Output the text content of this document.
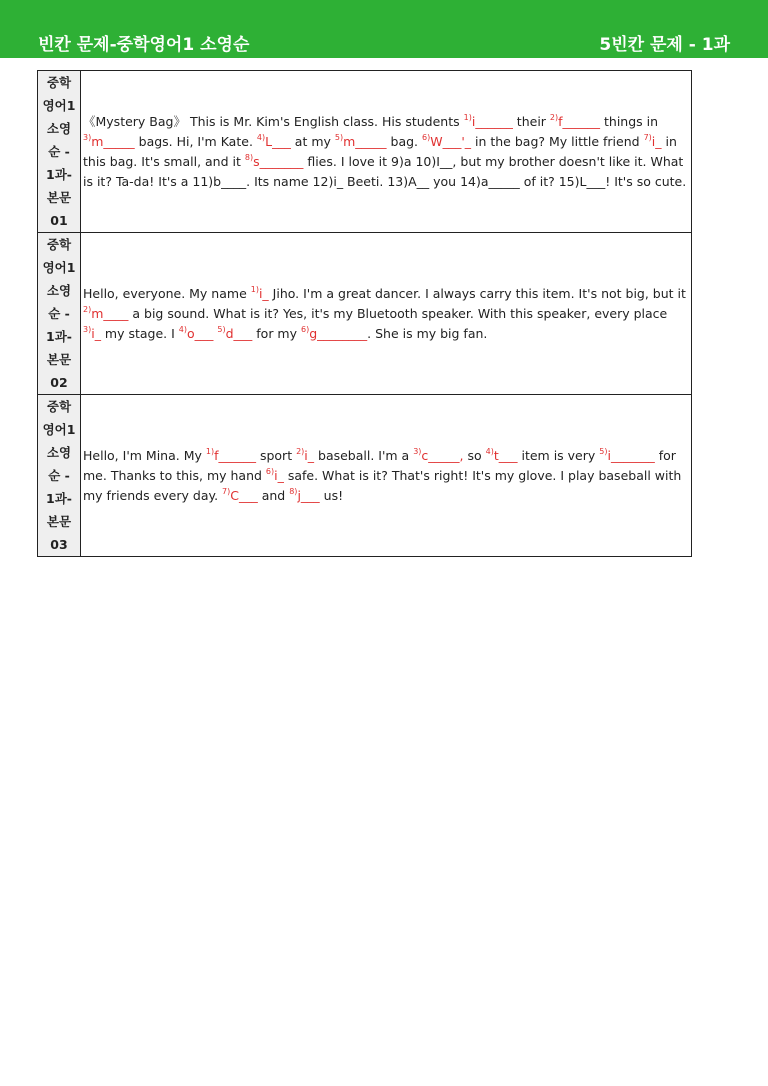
빈칸 문제-중학영어1 소영순	5빈칸 문제 - 1과
중학영어1 소영순 - 1과-본문 01	《Mystery Bag》 This is Mr. Kim's English class. His students $^{1)}$i______ their $^{2)}$f______ things in $^{3)}$m_____ bags. Hi, I'm Kate. $^{4)}$L___ at my $^{5)}$m_____ bag. $^{6)}$W___'_ in the bag? My little friend $^{7)}$i_ in this bag. It's small, and it $^{8)}$s_______ flies. I love it 9)a 10)I__, but my brother doesn't like it. What is it? Ta-da! It's a 11)b____. Its name 12)i_ Beeti. 13)A__ you 14)a_____ of it? 15)L___! It's so cute.
중학영어1 소영순 - 1과-본문 02	Hello, everyone. My name $^{1)}$i_ Jiho. I'm a great dancer. I always carry this item. It's not big, but it $^{2)}$m____ a big sound. What is it? Yes, it's my Bluetooth speaker. With this speaker, every place $^{3)}$i_ my stage. I $^{4)}$o___ $^{5)}$d___ for my $^{6)}$g________. She is my big fan.
중학영어1 소영순 - 1과-본문 03	Hello, I'm Mina. My $^{1)}$f______ sport $^{2)}$i_ baseball. I'm a $^{3)}$c_____, so $^{4)}$t___ item is very $^{5)}$i_______ for me. Thanks to this, my hand $^{6)}$i_ safe. What is it? That's right! It's my glove. I play baseball with my friends every day. $^{7)}$C___ and $^{8)}$j___ us!
